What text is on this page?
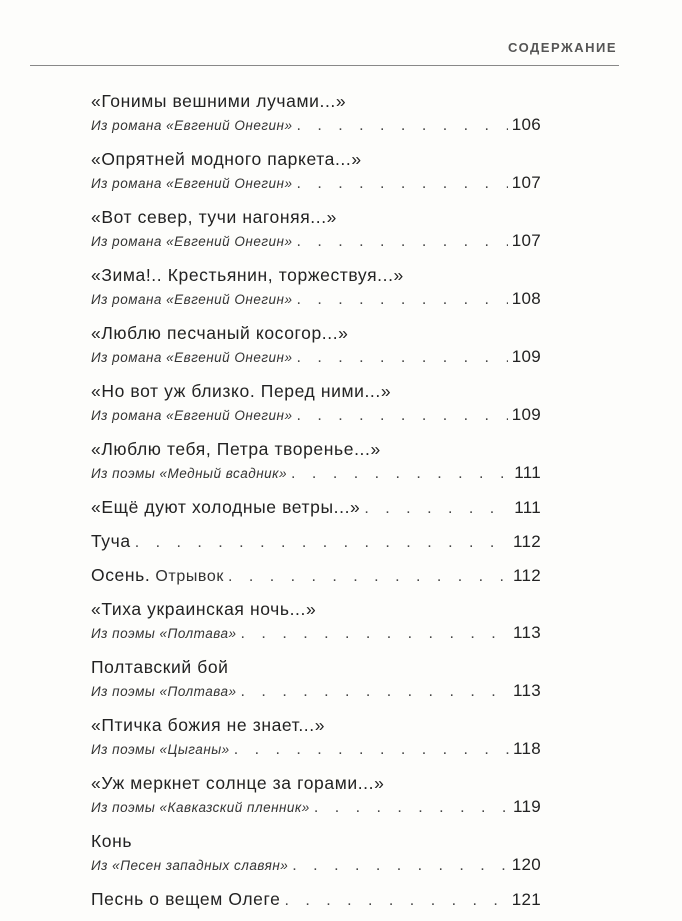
СОДЕРЖАНИЕ
«Гонимы вешними лучами...»
Из романа «Евгений Онегин» . . .	106
«Опрятней модного паркета...»
Из романа «Евгений Онегин» . . .	107
«Вот север, тучи нагоняя...»
Из романа «Евгений Онегин» . . .	107
«Зима!.. Крестьянин, торжествуя...»
Из романа «Евгений Онегин» . . .	108
«Люблю песчаный косогор...»
Из романа «Евгений Онегин» . . .	109
«Но вот уж близко. Перед ними...»
Из романа «Евгений Онегин» . . .	109
«Люблю тебя, Петра творенье...»
Из поэмы «Медный всадник» . . .	111
«Ещё дуют холодные ветры...» . . .	111
Туча . . .	112
Осень. Отрывок . . .	112
«Тиха украинская ночь...»
Из поэмы «Полтава» . . .	113
Полтавский бой
Из поэмы «Полтава» . . .	113
«Птичка божия не знает...»
Из поэмы «Цыганы» . . .	118
«Уж меркнет солнце за горами...»
Из поэмы «Кавказский пленник» . . .	119
Конь
Из «Песен западных славян» . . .	120
Песнь о вещем Олеге . . .	121
